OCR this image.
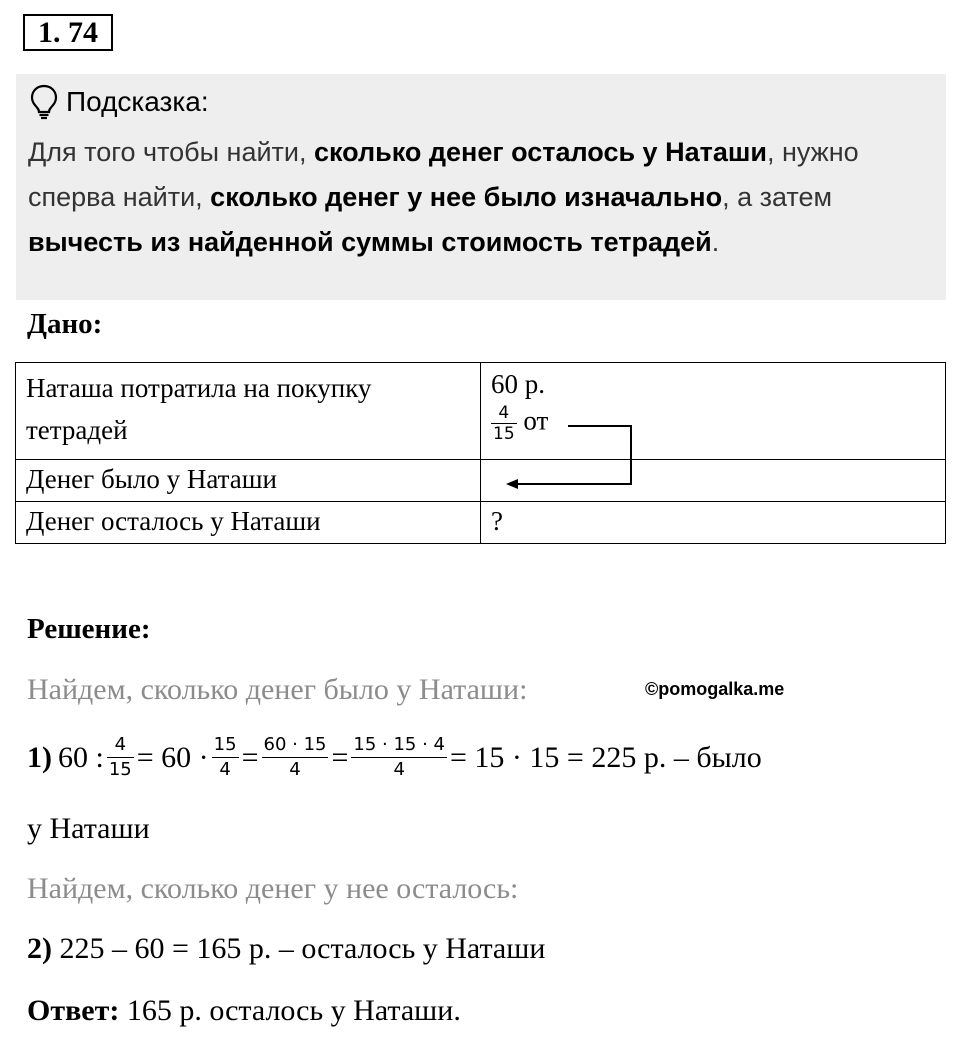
1. 74
Подсказка:
Для того чтобы найти, сколько денег осталось у Наташи, нужно сперва найти, сколько денег у нее было изначально, а затем вычесть из найденной суммы стоимость тетрадей.
Дано:
Наташа потратила на покупку тетрадей	60 р.
$\frac{4}{15}$ от

Денег было у Наташи	
Денег осталось у Наташи	?
Решение:
Найдем, сколько денег было у Наташи:	©pomogalka.me
1) 60 : $\frac{4}{15} = 60 \cdot \frac{15}{4} = \frac{60 \cdot 15}{4} = \frac{15 \cdot 15 \cdot 4}{4} = 15 \cdot 15 = 225$ р. – было
у Наташи
Найдем, сколько денег у нее осталось:
2) 225 – 60 = 165 р. – осталось у Наташи
Ответ: 165 р. осталось у Наташи.
